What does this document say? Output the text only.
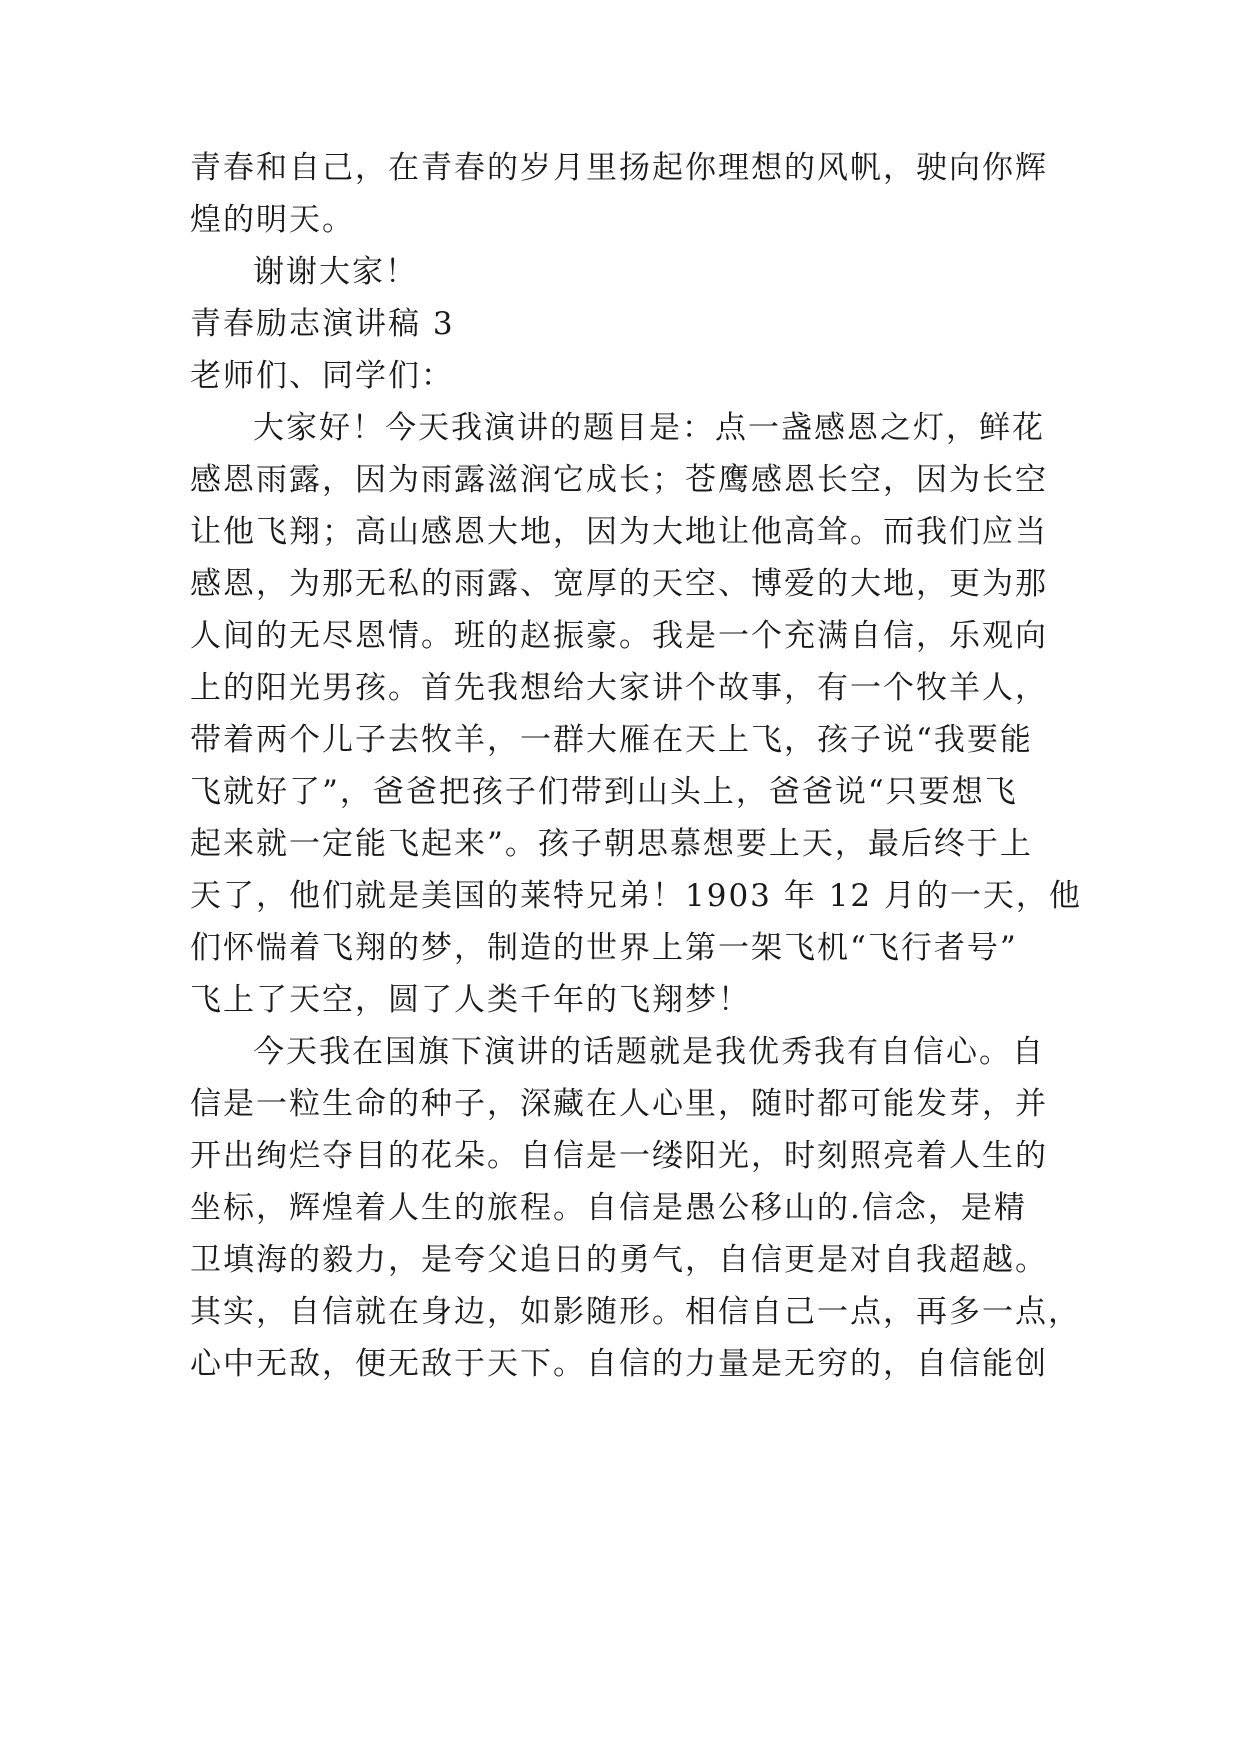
青春和自己，在青春的岁月里扬起你理想的风帆，驶向你辉
煌的明天。
谢谢大家！
青春励志演讲稿 3
老师们、同学们：
大家好！今天我演讲的题目是：点一盏感恩之灯，鲜花
感恩雨露，因为雨露滋润它成长；苍鹰感恩长空，因为长空
让他飞翔；高山感恩大地，因为大地让他高耸。而我们应当
感恩，为那无私的雨露、宽厚的天空、博爱的大地，更为那
人间的无尽恩情。班的赵振豪。我是一个充满自信，乐观向
上的阳光男孩。首先我想给大家讲个故事，有一个牧羊人，
带着两个儿子去牧羊，一群大雁在天上飞，孩子说“我要能
飞就好了”，爸爸把孩子们带到山头上，爸爸说“只要想飞
起来就一定能飞起来”。孩子朝思慕想要上天，最后终于上
天了，他们就是美国的莱特兄弟！1903 年 12 月的一天，他
们怀惴着飞翔的梦，制造的世界上第一架飞机“飞行者号”
飞上了天空，圆了人类千年的飞翔梦！
今天我在国旗下演讲的话题就是我优秀我有自信心。自
信是一粒生命的种子，深藏在人心里，随时都可能发芽，并
开出绚烂夺目的花朵。自信是一缕阳光，时刻照亮着人生的
坐标，辉煌着人生的旅程。自信是愚公移山的.信念，是精
卫填海的毅力，是夸父追日的勇气，自信更是对自我超越。
其实，自信就在身边，如影随形。相信自己一点，再多一点，
心中无敌，便无敌于天下。自信的力量是无穷的，自信能创
